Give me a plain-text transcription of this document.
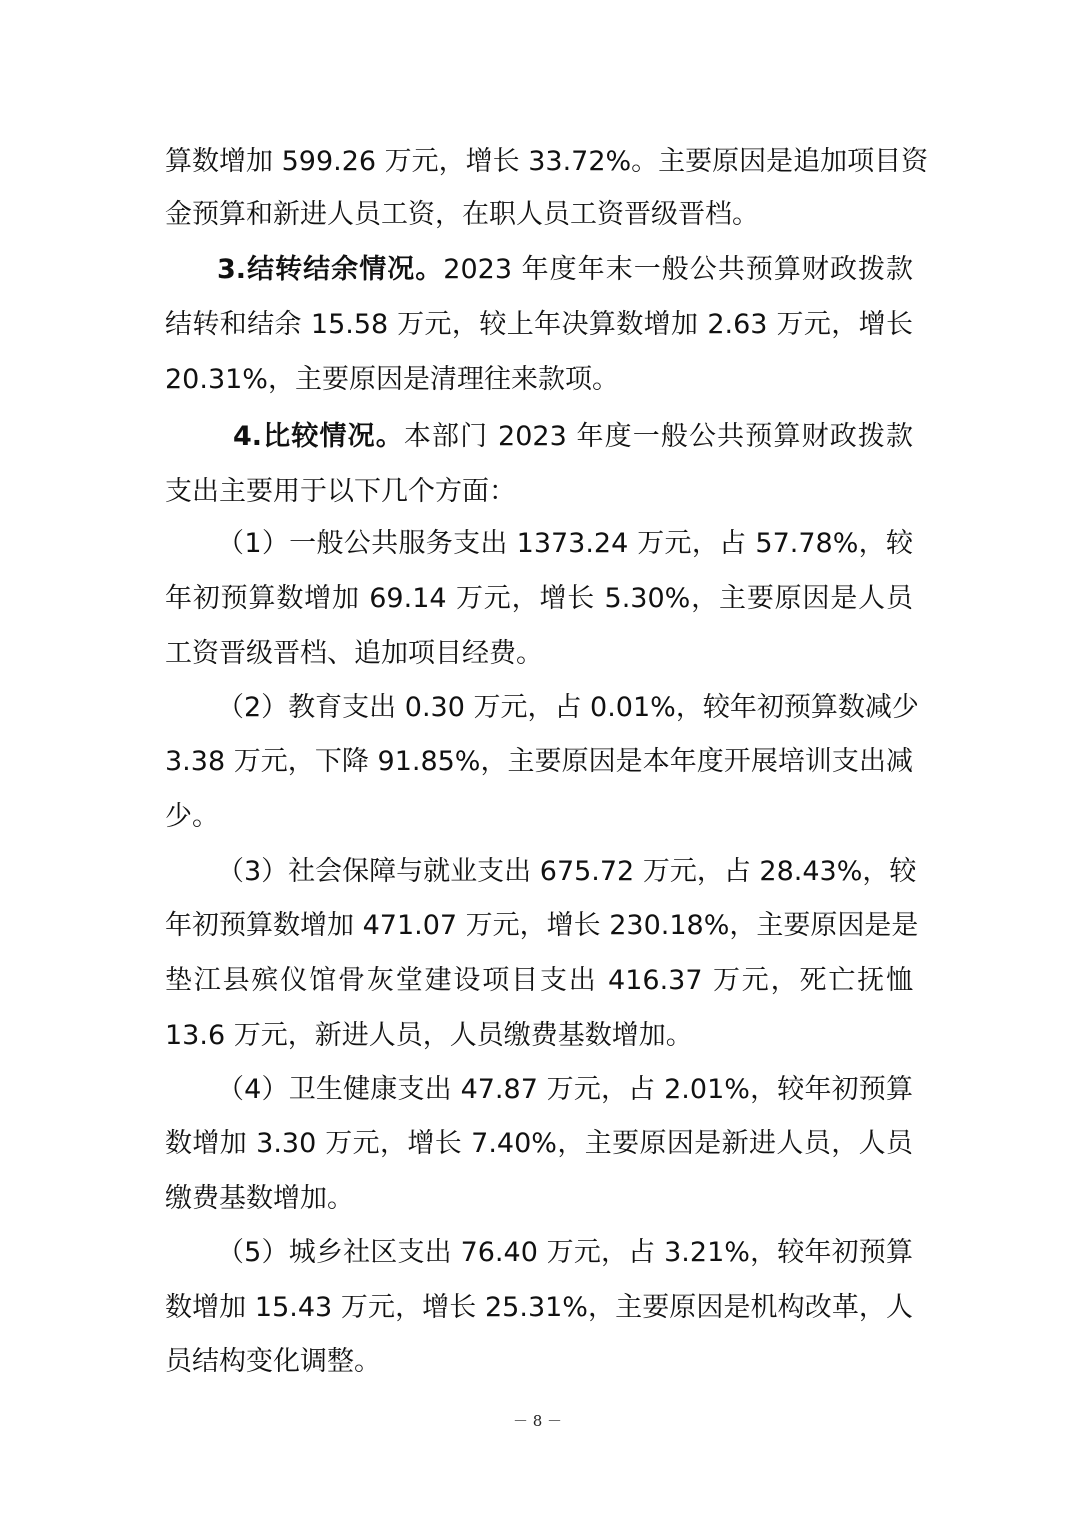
算数增加 599.26 万元，增长 33.72%。主要原因是追加项目资
金预算和新进人员工资，在职人员工资晋级晋档。
3.结转结余情况。2023 年度年末一般公共预算财政拨款
结转和结余 15.58 万元，较上年决算数增加 2.63 万元，增长
20.31%，主要原因是清理往来款项。
4.比较情况。本部门 2023 年度一般公共预算财政拨款
支出主要用于以下几个方面：
（1）一般公共服务支出 1373.24 万元，占 57.78%，较
年初预算数增加 69.14 万元，增长 5.30%，主要原因是人员
工资晋级晋档、追加项目经费。
（2）教育支出 0.30 万元，占 0.01%，较年初预算数减少
3.38 万元，下降 91.85%，主要原因是本年度开展培训支出减
少。
（3）社会保障与就业支出 675.72 万元，占 28.43%，较
年初预算数增加 471.07 万元，增长 230.18%，主要原因是是
垫江县殡仪馆骨灰堂建设项目支出 416.37 万元，死亡抚恤
13.6 万元，新进人员，人员缴费基数增加。
（4）卫生健康支出 47.87 万元，占 2.01%，较年初预算
数增加 3.30 万元，增长 7.40%，主要原因是新进人员，人员
缴费基数增加。
（5）城乡社区支出 76.40 万元，占 3.21%，较年初预算
数增加 15.43 万元，增长 25.31%，主要原因是机构改革，人
员结构变化调整。
－ 8 －
